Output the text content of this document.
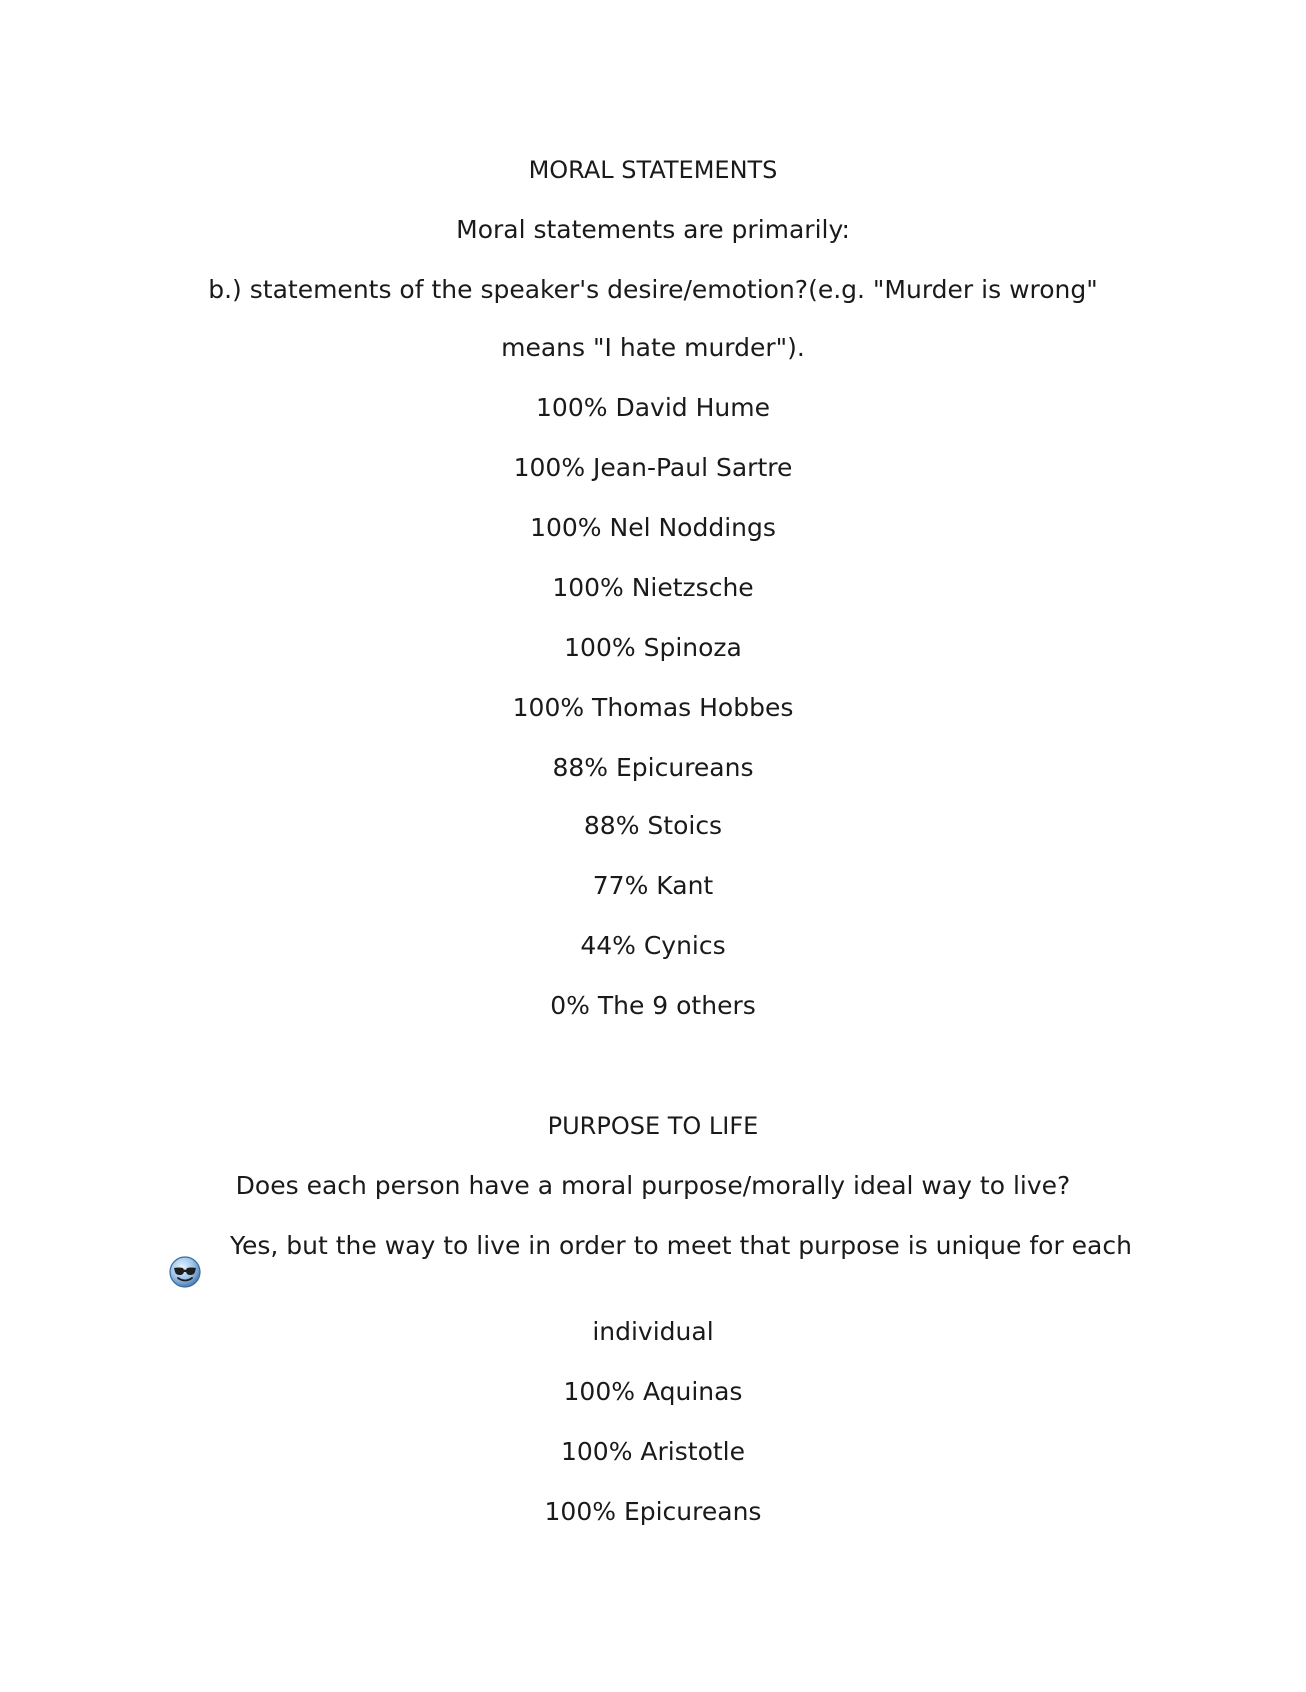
MORAL STATEMENTS
Moral statements are primarily:
b.) statements of the speaker's desire/emotion?(e.g. "Murder is wrong"
means "I hate murder").
100% David Hume
100% Jean-Paul Sartre
100% Nel Noddings
100% Nietzsche
100% Spinoza
100% Thomas Hobbes
88% Epicureans
88% Stoics
77% Kant
44% Cynics
0% The 9 others
PURPOSE TO LIFE
Does each person have a moral purpose/morally ideal way to live?
Yes, but the way to live in order to meet that purpose is unique for each
individual
100% Aquinas
100% Aristotle
100% Epicureans
